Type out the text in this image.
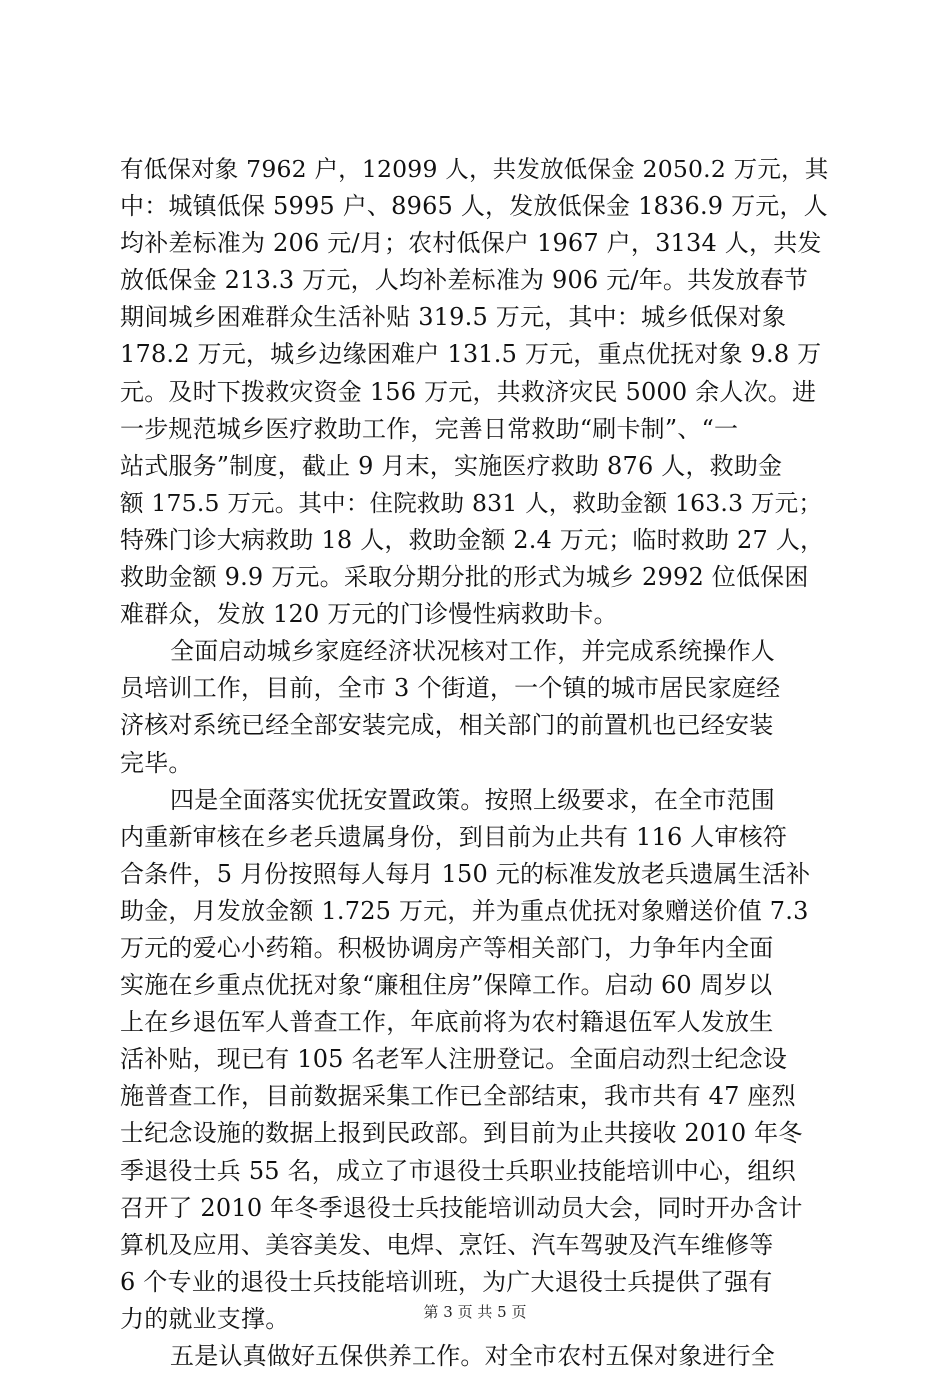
有低保对象 7962 户，12099 人，共发放低保金 2050.2 万元，其
中：城镇低保 5995 户、8965 人，发放低保金 1836.9 万元，人
均补差标准为 206 元/月；农村低保户 1967 户，3134 人，共发
放低保金 213.3 万元，人均补差标准为 906 元/年。共发放春节
期间城乡困难群众生活补贴 319.5 万元，其中：城乡低保对象
178.2 万元，城乡边缘困难户 131.5 万元，重点优抚对象 9.8 万
元。及时下拨救灾资金 156 万元，共救济灾民 5000 余人次。进
一步规范城乡医疗救助工作，完善日常救助“刷卡制”、“一
站式服务”制度，截止 9 月末，实施医疗救助 876 人，救助金
额 175.5 万元。其中：住院救助 831 人，救助金额 163.3 万元；
特殊门诊大病救助 18 人，救助金额 2.4 万元；临时救助 27 人，
救助金额 9.9 万元。采取分期分批的形式为城乡 2992 位低保困
难群众，发放 120 万元的门诊慢性病救助卡。
全面启动城乡家庭经济状况核对工作，并完成系统操作人
员培训工作，目前，全市 3 个街道，一个镇的城市居民家庭经
济核对系统已经全部安装完成，相关部门的前置机也已经安装
完毕。
四是全面落实优抚安置政策。按照上级要求，在全市范围
内重新审核在乡老兵遗属身份，到目前为止共有 116 人审核符
合条件，5 月份按照每人每月 150 元的标准发放老兵遗属生活补
助金，月发放金额 1.725 万元，并为重点优抚对象赠送价值 7.3
万元的爱心小药箱。积极协调房产等相关部门，力争年内全面
实施在乡重点优抚对象“廉租住房”保障工作。启动 60 周岁以
上在乡退伍军人普查工作，年底前将为农村籍退伍军人发放生
活补贴，现已有 105 名老军人注册登记。全面启动烈士纪念设
施普查工作，目前数据采集工作已全部结束，我市共有 47 座烈
士纪念设施的数据上报到民政部。到目前为止共接收 2010 年冬
季退役士兵 55 名，成立了市退役士兵职业技能培训中心，组织
召开了 2010 年冬季退役士兵技能培训动员大会，同时开办含计
算机及应用、美容美发、电焊、烹饪、汽车驾驶及汽车维修等
6 个专业的退役士兵技能培训班，为广大退役士兵提供了强有
力的就业支撑。
五是认真做好五保供养工作。对全市农村五保对象进行全
第 3 页 共 5 页
